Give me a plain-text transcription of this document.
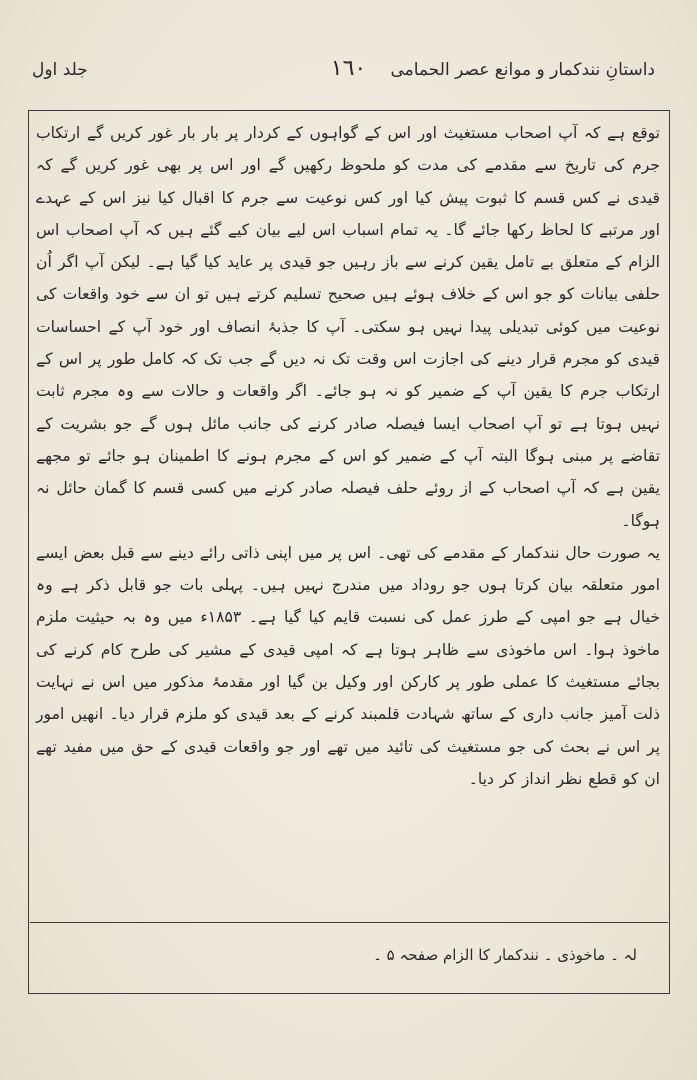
داستانِ نندکمار و موانع عصر الحمامی
١٦٠
جلد اول

توقع ہے کہ آپ اصحاب مستغیث اور اس کے گواہوں کے کردار پر بار بار غور کریں گے ارتکاب جرم کی تاریخ سے مقدمے کی مدت کو ملحوظ رکھیں گے اور اس پر بھی غور کریں گے کہ قیدی نے کس قسم کا ثبوت پیش کیا اور کس نوعیت سے جرم کا اقبال کیا نیز اس کے عہدے اور مرتبے کا لحاظ رکھا جائے گا۔ یہ تمام اسباب اس لیے بیان کیے گئے ہیں کہ آپ اصحاب اس الزام کے متعلق بے تامل یقین کرنے سے باز رہیں جو قیدی پر عاید کیا گیا ہے۔ لیکن آپ اگر اُن حلفی بیانات کو جو اس کے خلاف ہوئے ہیں صحیح تسلیم کرتے ہیں تو ان سے خود واقعات کی نوعیت میں کوئی تبدیلی پیدا نہیں ہو سکتی۔ آپ کا جذبۂ انصاف اور خود آپ کے احساسات قیدی کو مجرم قرار دینے کی اجازت اس وقت تک نہ دیں گے جب تک کہ کامل طور پر اس کے ارتکاب جرم کا یقین آپ کے ضمیر کو نہ ہو جائے۔ اگر واقعات و حالات سے وہ مجرم ثابت نہیں ہوتا ہے تو آپ اصحاب ایسا فیصلہ صادر کرنے کی جانب مائل ہوں گے جو بشریت کے تقاضے پر مبنی ہوگا البتہ آپ کے ضمیر کو اس کے مجرم ہونے کا اطمینان ہو جائے تو مجھے یقین ہے کہ آپ اصحاب کے از روئے حلف فیصلہ صادر کرنے میں کسی قسم کا گمان حائل نہ ہوگا۔

یہ صورت حال نندکمار کے مقدمے کی تھی۔ اس پر میں اپنی ذاتی رائے دینے سے قبل بعض ایسے امور متعلقہ بیان کرتا ہوں جو روداد میں مندرج نہیں ہیں۔ پہلی بات جو قابل ذکر ہے وہ خیال ہے جو امپی کے طرز عمل کی نسبت قایم کیا گیا ہے۔ ۱۸۵۳ء میں وہ بہ حیثیت ملزم ماخوذ ہوا۔ اس ماخوذی سے ظاہر ہوتا ہے کہ امپی قیدی کے مشیر کی طرح کام کرنے کی بجائے مستغیث کا عملی طور پر کارکن اور وکیل بن گیا اور مقدمۂ مذکور میں اس نے نہایت ذلت آمیز جانب داری کے ساتھ شہادت قلمبند کرنے کے بعد قیدی کو ملزم قرار دیا۔ انھیں امور پر اس نے بحث کی جو مستغیث کی تائید میں تھے اور جو واقعات قیدی کے حق میں مفید تھے ان کو قطع نظر انداز کر دیا۔

لہ ۔ ماخوذی ۔ نندکمار کا الزام صفحہ ۵ ۔
